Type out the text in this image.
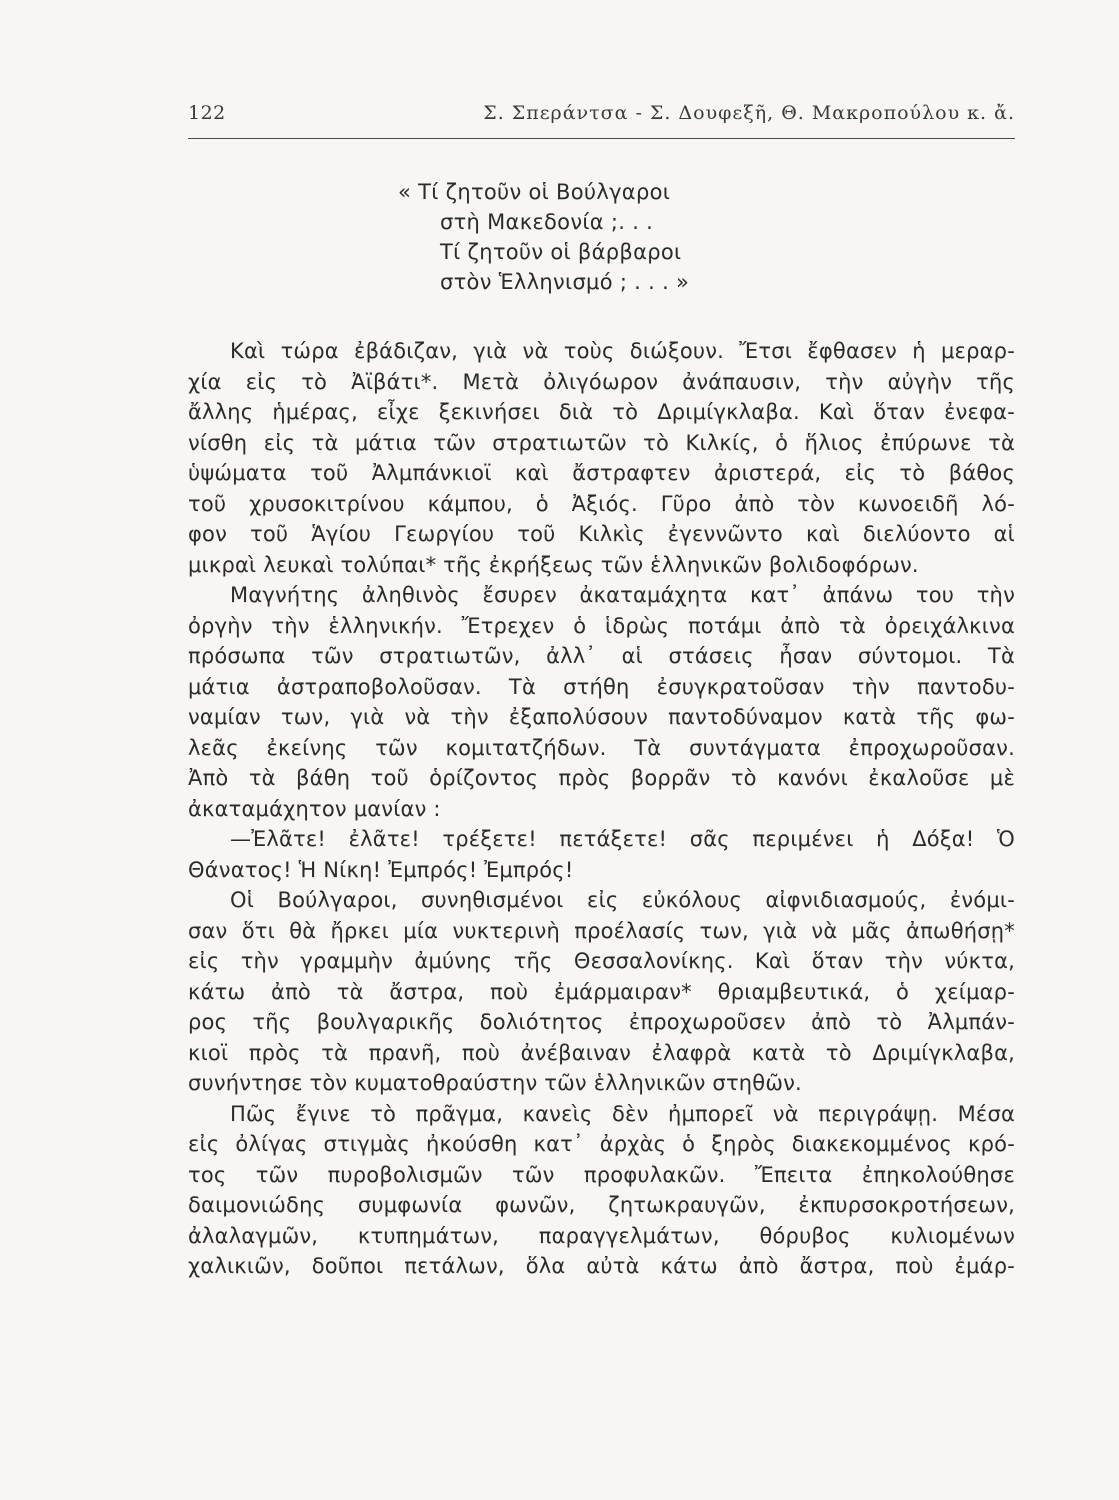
122	Σ. Σπεράντσα - Σ. Δουφεξῆ, Θ. Μακροπούλου κ. ἄ.
« Τί ζητοῦν οἱ Βούλγαροι
στὴ Μακεδονία ;. . .
Τί ζητοῦν οἱ βάρβαροι
στὸν Ἑλληνισμό ; . . . »
Καὶ τώρα ἐβάδιζαν, γιὰ νὰ τοὺς διώξουν. Ἔτσι ἔφθασεν ἡ μεραρ-
χία εἰς τὸ Ἀϊβάτι*. Μετὰ ὀλιγόωρον ἀνάπαυσιν, τὴν αὐγὴν τῆς
ἄλλης ἡμέρας, εἶχε ξεκινήσει διὰ τὸ Δριμίγκλαβα. Καὶ ὅταν ἐνεφα-
νίσθη εἰς τὰ μάτια τῶν στρατιωτῶν τὸ Κιλκίς, ὁ ἥλιος ἐπύρωνε τὰ
ὑψώματα τοῦ Ἀλμπάνκιοϊ καὶ ἄστραφτεν ἀριστερά, εἰς τὸ βάθος
τοῦ χρυσοκιτρίνου κάμπου, ὁ Ἀξιός. Γῦρο ἀπὸ τὸν κωνοειδῆ λό-
φον τοῦ Ἁγίου Γεωργίου τοῦ Κιλκὶς ἐγεννῶντο καὶ διελύοντο αἱ
μικραὶ λευκαὶ τολύπαι* τῆς ἐκρήξεως τῶν ἑλληνικῶν βολιδοφόρων.
Μαγνήτης ἀληθινὸς ἔσυρεν ἀκαταμάχητα κατ᾽ ἀπάνω του τὴν
ὀργὴν τὴν ἑλληνικήν. Ἔτρεχεν ὁ ἱδρὼς ποτάμι ἀπὸ τὰ ὀρειχάλκινα
πρόσωπα τῶν στρατιωτῶν, ἀλλ᾽ αἱ στάσεις ἦσαν σύντομοι. Τὰ
μάτια ἀστραποβολοῦσαν. Τὰ στήθη ἐσυγκρατοῦσαν τὴν παντοδυ-
ναμίαν των, γιὰ νὰ τὴν ἐξαπολύσουν παντοδύναμον κατὰ τῆς φω-
λεᾶς ἐκείνης τῶν κομιτατζήδων. Τὰ συντάγματα ἐπροχωροῦσαν.
Ἀπὸ τὰ βάθη τοῦ ὁρίζοντος πρὸς βορρᾶν τὸ κανόνι ἐκαλοῦσε μὲ
ἀκαταμάχητον μανίαν :
—Ἐλᾶτε! ἐλᾶτε! τρέξετε! πετάξετε! σᾶς περιμένει ἡ Δόξα! Ὁ
Θάνατος! Ἡ Νίκη! Ἐμπρός! Ἐμπρός!
Οἱ Βούλγαροι, συνηθισμένοι εἰς εὐκόλους αἰφνιδιασμούς, ἐνόμι-
σαν ὅτι θὰ ἤρκει μία νυκτερινὴ προέλασίς των, γιὰ νὰ μᾶς ἀπωθήσῃ*
εἰς τὴν γραμμὴν ἀμύνης τῆς Θεσσαλονίκης. Καὶ ὅταν τὴν νύκτα,
κάτω ἀπὸ τὰ ἄστρα, ποὺ ἐμάρμαιραν* θριαμβευτικά, ὁ χείμαρ-
ρος τῆς βουλγαρικῆς δολιότητος ἐπροχωροῦσεν ἀπὸ τὸ Ἀλμπάν-
κιοϊ πρὸς τὰ πρανῆ, ποὺ ἀνέβαιναν ἐλαφρὰ κατὰ τὸ Δριμίγκλαβα,
συνήντησε τὸν κυματοθραύστην τῶν ἑλληνικῶν στηθῶν.
Πῶς ἔγινε τὸ πρᾶγμα, κανεὶς δὲν ἠμπορεῖ νὰ περιγράψῃ. Μέσα
εἰς ὀλίγας στιγμὰς ἠκούσθη κατ᾽ ἀρχὰς ὁ ξηρὸς διακεκομμένος κρό-
τος τῶν πυροβολισμῶν τῶν προφυλακῶν. Ἔπειτα ἐπηκολούθησε
δαιμονιώδης συμφωνία φωνῶν, ζητωκραυγῶν, ἐκπυρσοκροτήσεων,
ἀλαλαγμῶν, κτυπημάτων, παραγγελμάτων, θόρυβος κυλιομένων
χαλικιῶν, δοῦποι πετάλων, ὅλα αὐτὰ κάτω ἀπὸ ἄστρα, ποὺ ἐμάρ-
